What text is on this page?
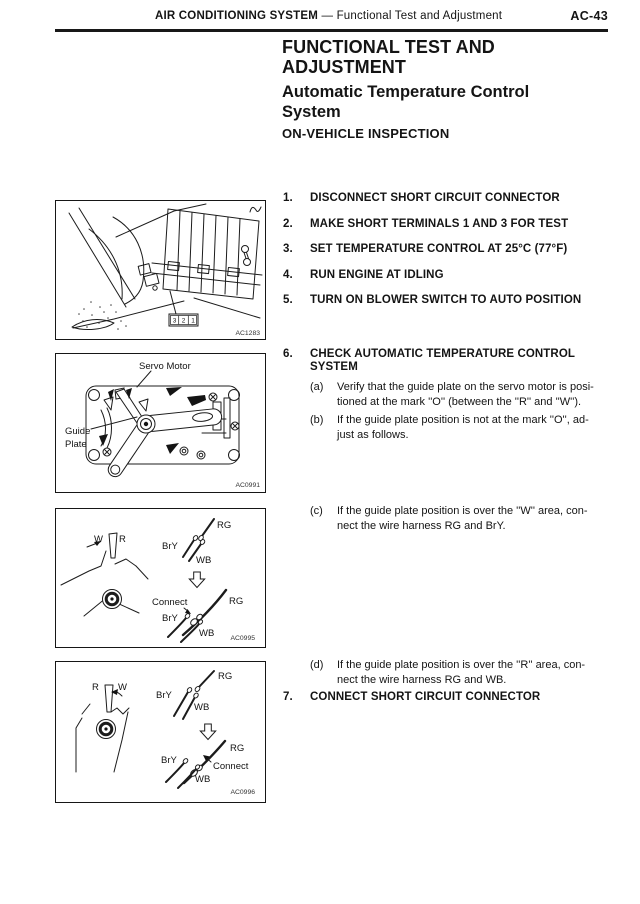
AIR CONDITIONING SYSTEM — Functional Test and Adjustment	AC-43
FUNCTIONAL TEST AND ADJUSTMENT
Automatic Temperature Control System
ON-VEHICLE INSPECTION
1.	DISCONNECT SHORT CIRCUIT CONNECTOR
2.	MAKE SHORT TERMINALS 1 AND 3 FOR TEST
3.	SET TEMPERATURE CONTROL AT 25°C (77°F)
4.	RUN ENGINE AT IDLING
5.	TURN ON BLOWER SWITCH TO AUTO POSITION
6.	CHECK AUTOMATIC TEMPERATURE CONTROL SYSTEM
(a)	Verify that the guide plate on the servo motor is posi-
tioned at the mark ''O'' (between the ''R'' and ''W'').
(b)	If the guide plate position is not at the mark ''O'', ad-
just as follows.
(c)	If the guide plate position is over the ''W'' area, con-
nect the wire harness RG and BrY.
(d)	If the guide plate position is over the ''R'' area, con-
nect the wire harness RG and WB.
7.	CONNECT SHORT CIRCUIT CONNECTOR
3 2 1
AC1283
Servo Motor
Guide
Plate
AC0991
W R
RG
BrY
WB
Connect	RG
BrY
WB AC0995
R W
RG
BrY
WB
Connect
RG
BrY
WB
AC0996
